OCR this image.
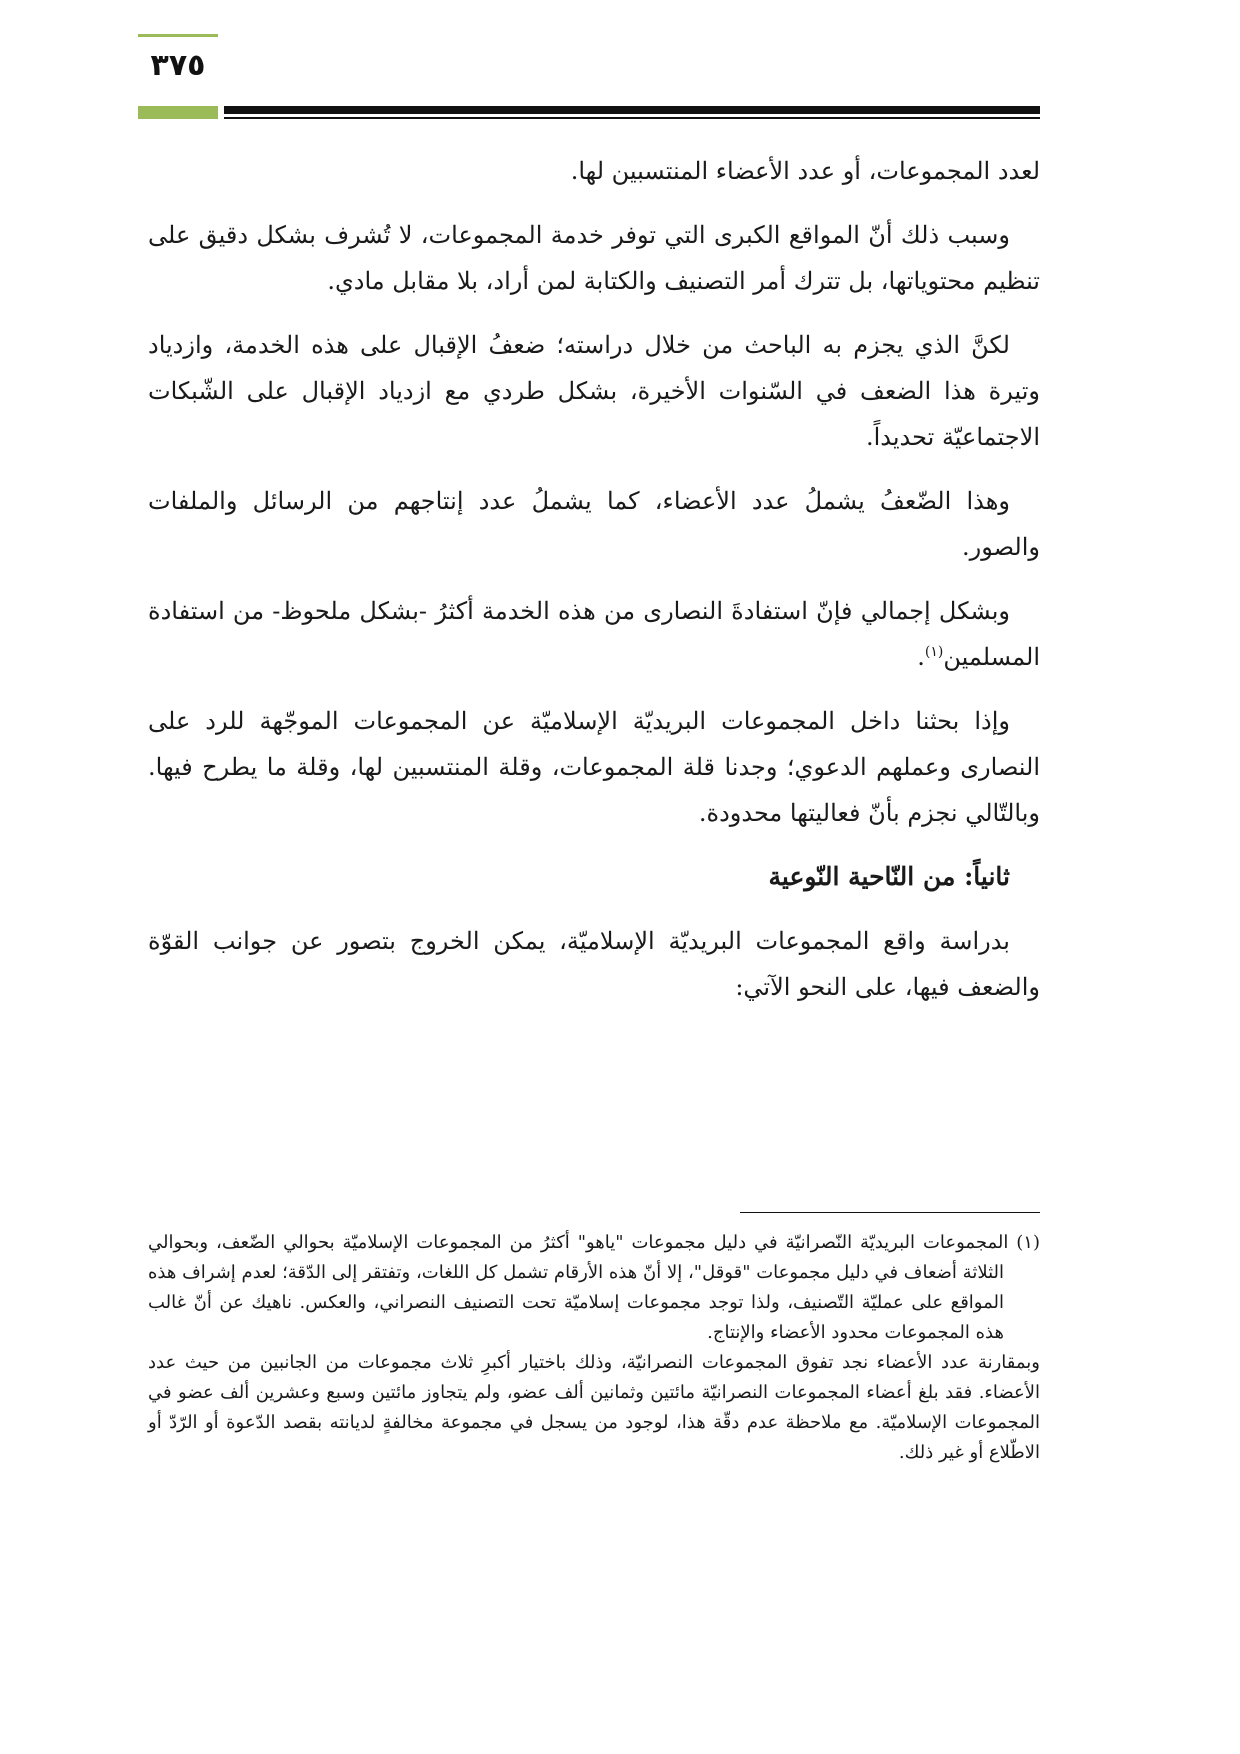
٣٧٥

لعدد المجموعات، أو عدد الأعضاء المنتسبين لها.

وسبب ذلك أنّ المواقع الكبرى التي توفر خدمة المجموعات، لا تُشرف بشكل دقيق على تنظيم محتوياتها، بل تترك أمر التصنيف والكتابة لمن أراد، بلا مقابل مادي.

لكنَّ الذي يجزم به الباحث من خلال دراسته؛ ضعفُ الإقبال على هذه الخدمة، وازدياد وتيرة هذا الضعف في السّنوات الأخيرة، بشكل طردي مع ازدياد الإقبال على الشّبكات الاجتماعيّة تحديداً.

وهذا الضّعفُ يشملُ عدد الأعضاء، كما يشملُ عدد إنتاجهم من الرسائل والملفات والصور.

وبشكل إجمالي فإنّ استفادةَ النصارى من هذه الخدمة أكثرُ -بشكل ملحوظ- من استفادة المسلمين$^{(١)}$.

وإذا بحثنا داخل المجموعات البريديّة الإسلاميّة عن المجموعات الموجّهة للرد على النصارى وعملهم الدعوي؛ وجدنا قلة المجموعات، وقلة المنتسبين لها، وقلة ما يطرح فيها. وبالتّالي نجزم بأنّ فعاليتها محدودة.

ثانياً: من النّاحية النّوعية

بدراسة واقع المجموعات البريديّة الإسلاميّة، يمكن الخروج بتصور عن جوانب القوّة والضعف فيها، على النحو الآتي:

(١) المجموعات البريديّة النّصرانيّة في دليل مجموعات "ياهو" أكثرُ من المجموعات الإسلاميّة بحوالي الضّعف، وبحوالي الثلاثة أضعاف في دليل مجموعات "قوقل"، إلا أنّ هذه الأرقام تشمل كل اللغات، وتفتقر إلى الدّقة؛ لعدم إشراف هذه المواقع على عمليّة التّصنيف، ولذا توجد مجموعات إسلاميّة تحت التصنيف النصراني، والعكس. ناهيك عن أنّ غالب هذه المجموعات محدود الأعضاء والإنتاج.

وبمقارنة عدد الأعضاء نجد تفوق المجموعات النصرانيّة، وذلك باختيار أكبرِ ثلاث مجموعات من الجانبين من حيث عدد الأعضاء. فقد بلغ أعضاء المجموعات النصرانيّة مائتين وثمانين ألف عضو، ولم يتجاوز مائتين وسبع وعشرين ألف عضو في المجموعات الإسلاميّة. مع ملاحظة عدم دقّة هذا، لوجود من يسجل في مجموعة مخالفةٍ لديانته بقصد الدّعوة أو الرّدّ أو الاطّلاع أو غير ذلك.
